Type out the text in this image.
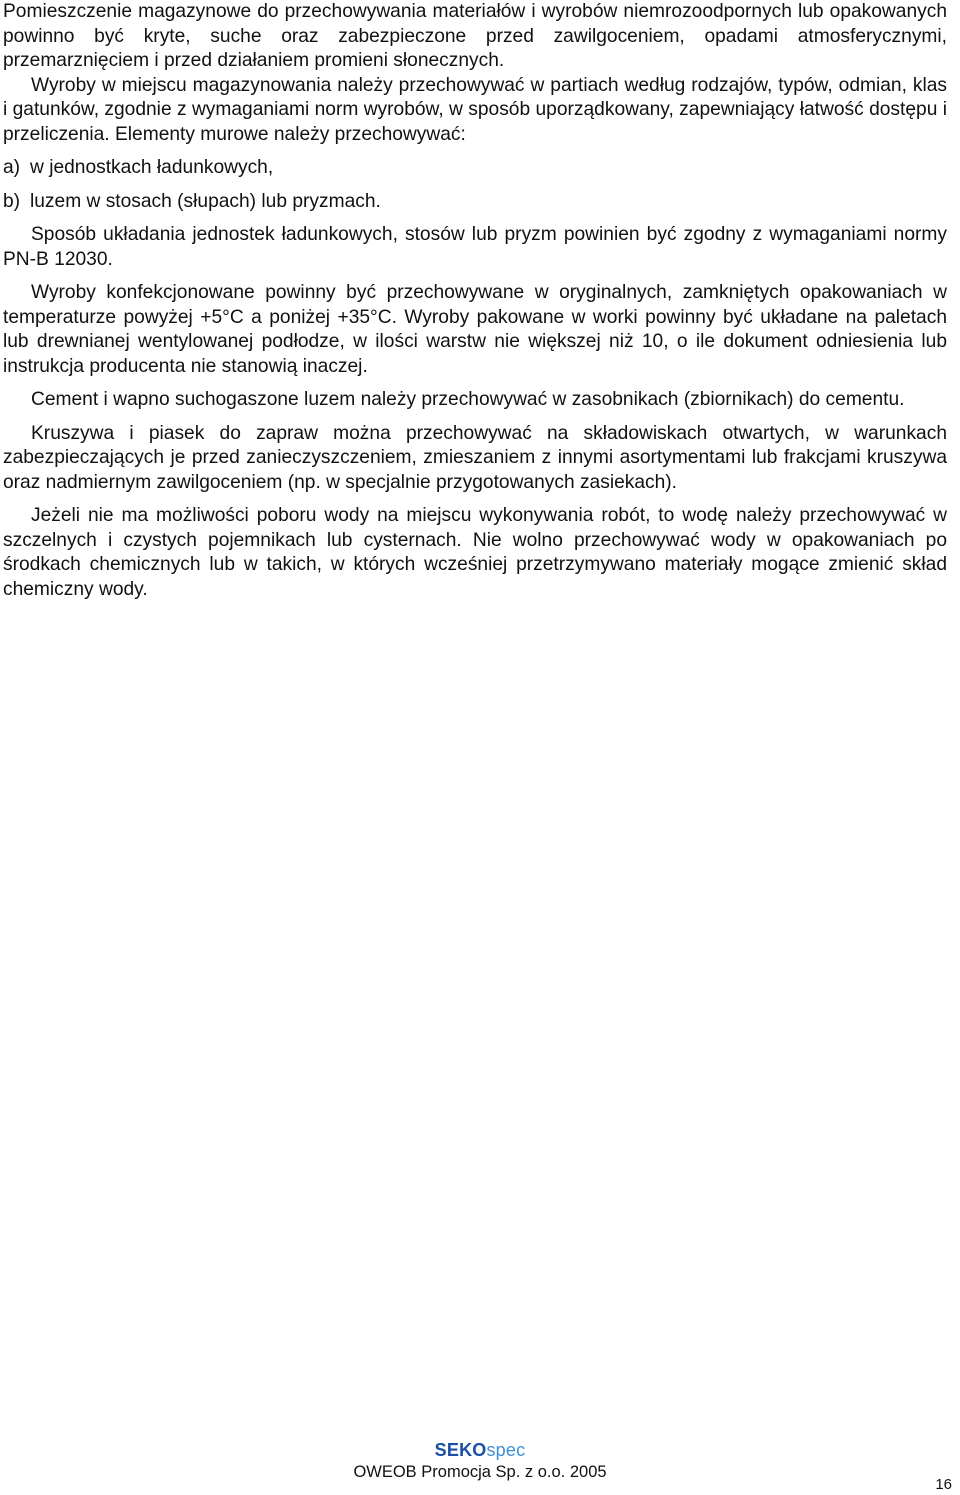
Pomieszczenie magazynowe do przechowywania materiałów i wyrobów niemrozoodpornych lub opakowanych powinno być kryte, suche oraz zabezpieczone przed zawilgoceniem, opadami atmosferycznymi, przemarznięciem i przed działaniem promieni słonecznych.

Wyroby w miejscu magazynowania należy przechowywać w partiach według rodzajów, typów, odmian, klas i gatunków, zgodnie z wymaganiami norm wyrobów, w sposób uporządkowany, zapewniający łatwość dostępu i przeliczenia. Elementy murowe należy przechowywać:

a) w jednostkach ładunkowych,
b) luzem w stosach (słupach) lub pryzmach.

Sposób układania jednostek ładunkowych, stosów lub pryzm powinien być zgodny z wymaganiami normy PN-B 12030.

Wyroby konfekcjonowane powinny być przechowywane w oryginalnych, zamkniętych opakowaniach w temperaturze powyżej +5°C a poniżej +35°C. Wyroby pakowane w worki powinny być układane na paletach lub drewnianej wentylowanej podłodze, w ilości warstw nie większej niż 10, o ile dokument odniesienia lub instrukcja producenta nie stanowią inaczej.

Cement i wapno suchogaszone luzem należy przechowywać w zasobnikach (zbiornikach) do cementu.

Kruszywa i piasek do zapraw można przechowywać na składowiskach otwartych, w warunkach zabezpieczających je przed zanieczyszczeniem, zmieszaniem z innymi asortymentami lub frakcjami kruszywa oraz nadmiernym zawilgoceniem (np. w specjalnie przygotowanych zasiekach).

Jeżeli nie ma możliwości poboru wody na miejscu wykonywania robót, to wodę należy przechowywać w szczelnych i czystych pojemnikach lub cysternach. Nie wolno przechowywać wody w opakowaniach po środkach chemicznych lub w takich, w których wcześniej przetrzymywano materiały mogące zmienić skład chemiczny wody.

SEKOspec
OWEOB Promocja Sp. z o.o. 2005
16
